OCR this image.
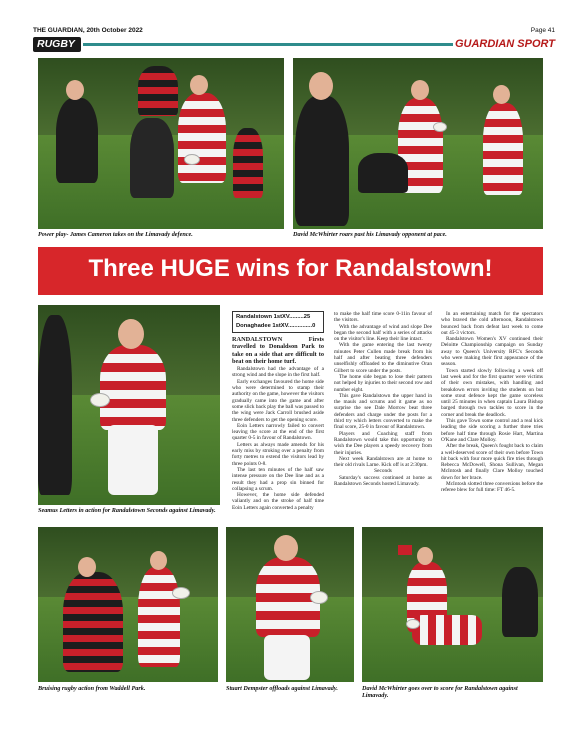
THE GUARDIAN, 20th October 2022	Page 41
RUGBY	GUARDIAN SPORT
Power play- James Cameron takes on the Limavady defence.	David McWhirter roars past his Limavady opponent at pace.
Three HUGE wins for Randalstown!
Seamus Letters in action for Randalstown Seconds against Limavady.
Randalstown 1stXV.........25
Donaghadee 1stXV...............0

RANDALSTOWN Firsts travelled to Donaldson Park to take on a side that are difficult to beat on their home turf.

Randalstown had the advantage of a strong wind and the slope in the first half.

Early exchanges favoured the home side who were determined to stamp their authority on the game, however the visitors gradually came into the game and after some slick back play the ball was passed to the wing were Jack Carroll brushed aside three defenders to get the opening score.

Eoin Letters narrowly failed to convert leaving the score at the end of the first quarter 0-5 in favour of Randalstown.

Letters as always made amends for his early miss by stroking over a penalty from forty metres to extend the visitors lead by three points 0-8.

The last ten minutes of the half saw intense pressure on the Dee line and as a result they had a prop sin binned for collapsing a scrum.

However, the home side defended valiantly and on the stroke of half time Eoin Letters again converted a penalty

to make the half time score 0-11in favour of the visitors.

With the advantage of wind and slope Dee began the second half with a series of attacks on the visitor's line. Keep their line intact.

With the game entering the last twenty minutes Peter Cullen made break from his half and after beating three defenders unselfishly offloaded to the diminutive Oran Gilbert to score under the posts.

The home side began to lose their pattern not helped by injuries to their second row and number eight.

This gave Randalstown the upper hand in the mauls and scrums and it game as no surprise the see Dale Morrow beat three defenders and charge under the posts for a third try which letters converted to make the final score, 25-0 in favour of Randalstown.

Players and Coaching staff from Randalstown would take this opportunity to wish the Dee players a speedy recovery from their injuries.

Next week Randalstown are at home to their old rivals Larne. Kick off is at 2:30pm.

Seconds

Saturday's success continued at home as Randalstown Seconds hosted Limavady.

In an entertaining match for the spectators who braved the cold afternoon, Randalstown bounced back from defeat last week to come out 45-3 victors.

Randalstown Women's XV continued their Deloitte Championship campaign on Sunday away to Queen's University RFC's Seconds who were making their first appearance of the season.

Town started slowly following a week off last week and for the first quarter were victims of their own mistakes, with handling and breakdown errors inviting the students on but some stout defence kept the game scoreless until 25 minutes in when captain Laura Bishop barged through two tackles to score in the corner and break the deadlock.

This gave Town some control and a real kick leading the side scoring a further three tries before half time through Rosie Hart, Martina O'Kane and Clare Molloy.

After the break, Queen's fought back to claim a well-deserved score of their own before Town hit back with four more quick fire tries through Rebecca McDowell, Shona Sullivan, Megan McIntosh and finally Clare Molloy touched down for her brace.

McIntosh slotted three conversions before the referee blew for full time: FT 46-5.

Bruising rugby action from Waddell Park.	Stuart Dempster offloads against Limavady.	David McWhirter goes over to score for Randalstown against Limavady.
